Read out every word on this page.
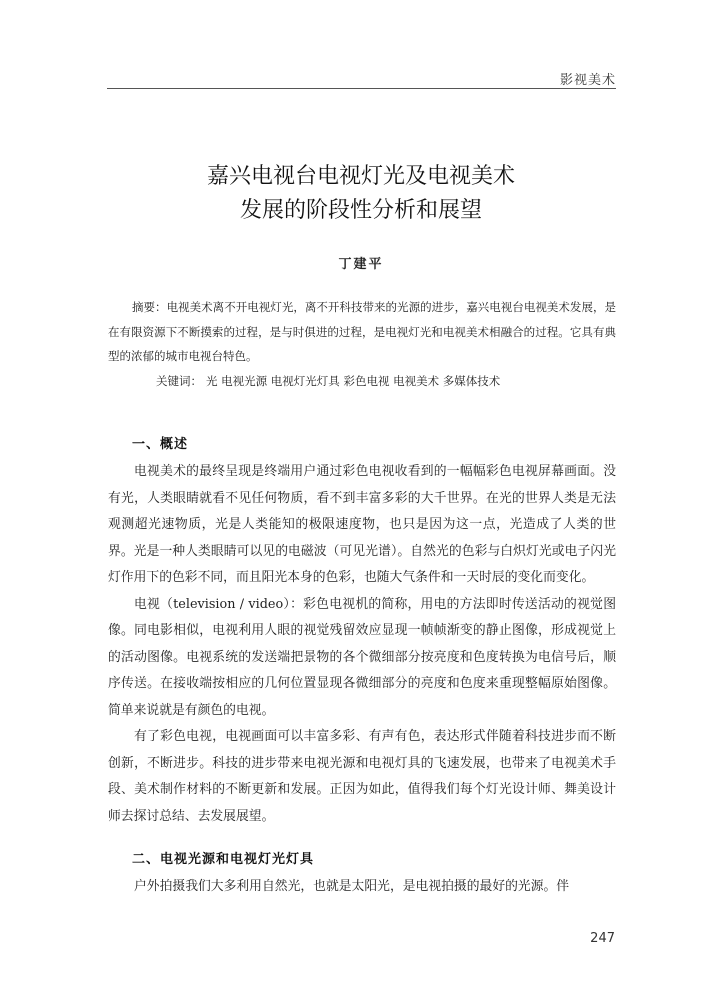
影视美术
嘉兴电视台电视灯光及电视美术
发展的阶段性分析和展望
丁建平

摘要：电视美术离不开电视灯光，离不开科技带来的光源的进步，嘉兴电视台电视美术发展，是在有限资源下不断摸索的过程，是与时俱进的过程，是电视灯光和电视美术相融合的过程。它具有典型的浓郁的城市电视台特色。

关键词： 光 电视光源 电视灯光灯具 彩色电视 电视美术 多媒体技术

一、概述

电视美术的最终呈现是终端用户通过彩色电视收看到的一幅幅彩色电视屏幕画面。没有光，人类眼睛就看不见任何物质，看不到丰富多彩的大千世界。在光的世界人类是无法观测超光速物质，光是人类能知的极限速度物，也只是因为这一点，光造成了人类的世界。光是一种人类眼睛可以见的电磁波（可见光谱）。自然光的色彩与白炽灯光或电子闪光灯作用下的色彩不同，而且阳光本身的色彩，也随大气条件和一天时辰的变化而变化。

电视（television / video）：彩色电视机的简称，用电的方法即时传送活动的视觉图像。同电影相似，电视利用人眼的视觉残留效应显现一帧帧渐变的静止图像，形成视觉上的活动图像。电视系统的发送端把景物的各个微细部分按亮度和色度转换为电信号后，顺序传送。在接收端按相应的几何位置显现各微细部分的亮度和色度来重现整幅原始图像。简单来说就是有颜色的电视。

有了彩色电视，电视画面可以丰富多彩、有声有色，表达形式伴随着科技进步而不断创新，不断进步。科技的进步带来电视光源和电视灯具的飞速发展，也带来了电视美术手段、美术制作材料的不断更新和发展。正因为如此，值得我们每个灯光设计师、舞美设计师去探讨总结、去发展展望。

二、电视光源和电视灯光灯具

户外拍摄我们大多利用自然光，也就是太阳光，是电视拍摄的最好的光源。伴

247
